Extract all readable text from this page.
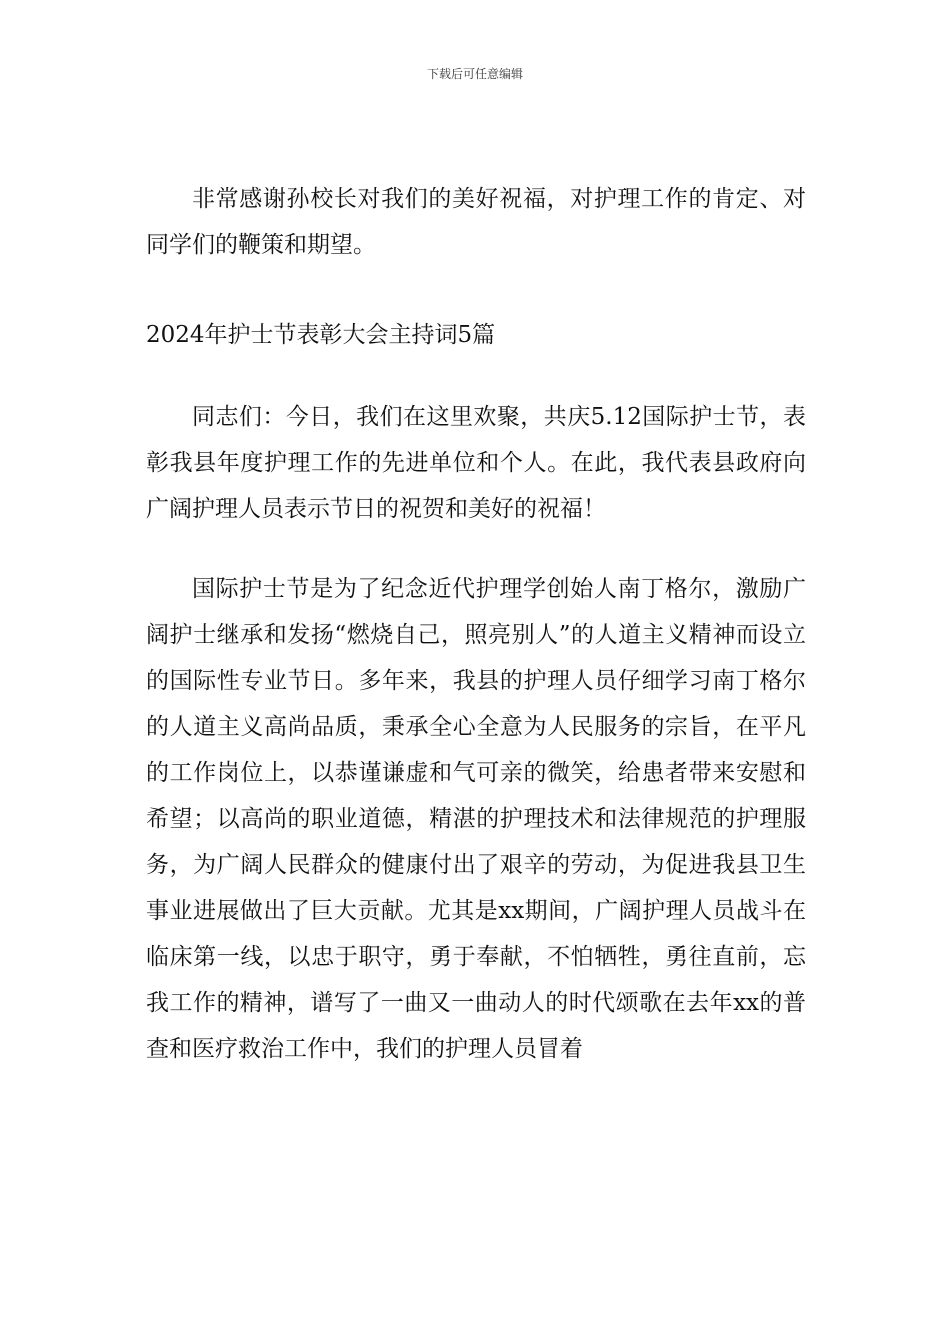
下载后可任意编辑

非常感谢孙校长对我们的美好祝福，对护理工作的肯定、对同学们的鞭策和期望。

2024年护士节表彰大会主持词5篇

同志们：今日，我们在这里欢聚，共庆5.12国际护士节，表彰我县年度护理工作的先进单位和个人。在此，我代表县政府向广阔护理人员表示节日的祝贺和美好的祝福！

国际护士节是为了纪念近代护理学创始人南丁格尔，激励广阔护士继承和发扬“燃烧自己，照亮别人”的人道主义精神而设立的国际性专业节日。多年来，我县的护理人员仔细学习南丁格尔的人道主义高尚品质，秉承全心全意为人民服务的宗旨，在平凡的工作岗位上，以恭谨谦虚和气可亲的微笑，给患者带来安慰和希望；以高尚的职业道德，精湛的护理技术和法律规范的护理服务，为广阔人民群众的健康付出了艰辛的劳动，为促进我县卫生事业进展做出了巨大贡献。尤其是xx期间，广阔护理人员战斗在临床第一线，以忠于职守，勇于奉献，不怕牺牲，勇往直前，忘我工作的精神，谱写了一曲又一曲动人的时代颂歌在去年xx的普查和医疗救治工作中，我们的护理人员冒着
